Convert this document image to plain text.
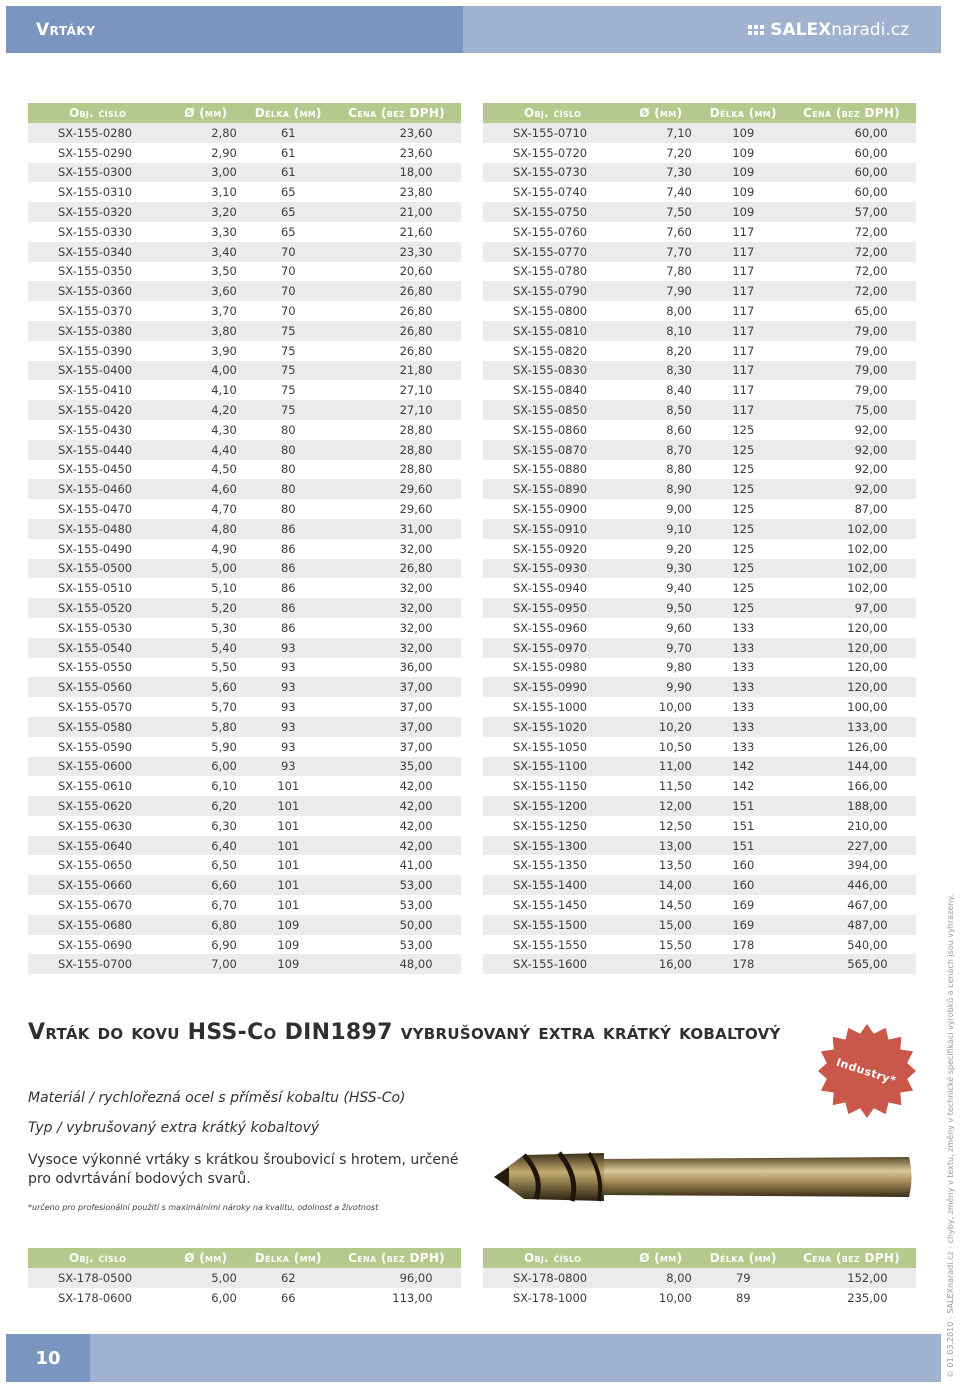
Vrtáky	SALEX naradi.cz
Obj. číslo	Ø (mm)	Délka (mm)	Cena (bez DPH)
SX-155-0280	2,80	61	23,60
SX-155-0290	2,90	61	23,60
SX-155-0300	3,00	61	18,00
SX-155-0310	3,10	65	23,80
SX-155-0320	3,20	65	21,00
SX-155-0330	3,30	65	21,60
SX-155-0340	3,40	70	23,30
SX-155-0350	3,50	70	20,60
SX-155-0360	3,60	70	26,80
SX-155-0370	3,70	70	26,80
SX-155-0380	3,80	75	26,80
SX-155-0390	3,90	75	26,80
SX-155-0400	4,00	75	21,80
SX-155-0410	4,10	75	27,10
SX-155-0420	4,20	75	27,10
SX-155-0430	4,30	80	28,80
SX-155-0440	4,40	80	28,80
SX-155-0450	4,50	80	28,80
SX-155-0460	4,60	80	29,60
SX-155-0470	4,70	80	29,60
SX-155-0480	4,80	86	31,00
SX-155-0490	4,90	86	32,00
SX-155-0500	5,00	86	26,80
SX-155-0510	5,10	86	32,00
SX-155-0520	5,20	86	32,00
SX-155-0530	5,30	86	32,00
SX-155-0540	5,40	93	32,00
SX-155-0550	5,50	93	36,00
SX-155-0560	5,60	93	37,00
SX-155-0570	5,70	93	37,00
SX-155-0580	5,80	93	37,00
SX-155-0590	5,90	93	37,00
SX-155-0600	6,00	93	35,00
SX-155-0610	6,10	101	42,00
SX-155-0620	6,20	101	42,00
SX-155-0630	6,30	101	42,00
SX-155-0640	6,40	101	42,00
SX-155-0650	6,50	101	41,00
SX-155-0660	6,60	101	53,00
SX-155-0670	6,70	101	53,00
SX-155-0680	6,80	109	50,00
SX-155-0690	6,90	109	53,00
SX-155-0700	7,00	109	48,00
Obj. číslo	Ø (mm)	Délka (mm)	Cena (bez DPH)
SX-155-0710	7,10	109	60,00
SX-155-0720	7,20	109	60,00
SX-155-0730	7,30	109	60,00
SX-155-0740	7,40	109	60,00
SX-155-0750	7,50	109	57,00
SX-155-0760	7,60	117	72,00
SX-155-0770	7,70	117	72,00
SX-155-0780	7,80	117	72,00
SX-155-0790	7,90	117	72,00
SX-155-0800	8,00	117	65,00
SX-155-0810	8,10	117	79,00
SX-155-0820	8,20	117	79,00
SX-155-0830	8,30	117	79,00
SX-155-0840	8,40	117	79,00
SX-155-0850	8,50	117	75,00
SX-155-0860	8,60	125	92,00
SX-155-0870	8,70	125	92,00
SX-155-0880	8,80	125	92,00
SX-155-0890	8,90	125	92,00
SX-155-0900	9,00	125	87,00
SX-155-0910	9,10	125	102,00
SX-155-0920	9,20	125	102,00
SX-155-0930	9,30	125	102,00
SX-155-0940	9,40	125	102,00
SX-155-0950	9,50	125	97,00
SX-155-0960	9,60	133	120,00
SX-155-0970	9,70	133	120,00
SX-155-0980	9,80	133	120,00
SX-155-0990	9,90	133	120,00
SX-155-1000	10,00	133	100,00
SX-155-1020	10,20	133	133,00
SX-155-1050	10,50	133	126,00
SX-155-1100	11,00	142	144,00
SX-155-1150	11,50	142	166,00
SX-155-1200	12,00	151	188,00
SX-155-1250	12,50	151	210,00
SX-155-1300	13,00	151	227,00
SX-155-1350	13,50	160	394,00
SX-155-1400	14,00	160	446,00
SX-155-1450	14,50	169	467,00
SX-155-1500	15,00	169	487,00
SX-155-1550	15,50	178	540,00
SX-155-1600	16,00	178	565,00
Vrták do kovu HSS-Co DIN1897 vybrušovaný extra krátký kobaltový
Industry*
Materiál / rychlořezná ocel s příměsí kobaltu (HSS-Co)
Typ / vybrušovaný extra krátký kobaltový
Vysoce výkonné vrtáky s krátkou šroubovicí s hrotem, určené pro odvrtávání bodových svarů.
*určeno pro profesionální použití s maximálními nároky na kvalitu, odolnost a životnost
Obj. číslo	Ø (mm)	Délka (mm)	Cena (bez DPH)
SX-178-0500	5,00	62	96,00
SX-178-0600	6,00	66	113,00
Obj. číslo	Ø (mm)	Délka (mm)	Cena (bez DPH)
SX-178-0800	8,00	79	152,00
SX-178-1000	10,00	89	235,00
10	© 01.03.2010 - SALEXnaradi.cz - chyby, změny v textu, změny v technické specifikaci výrobků a cenách jsou vyhrazeny.
